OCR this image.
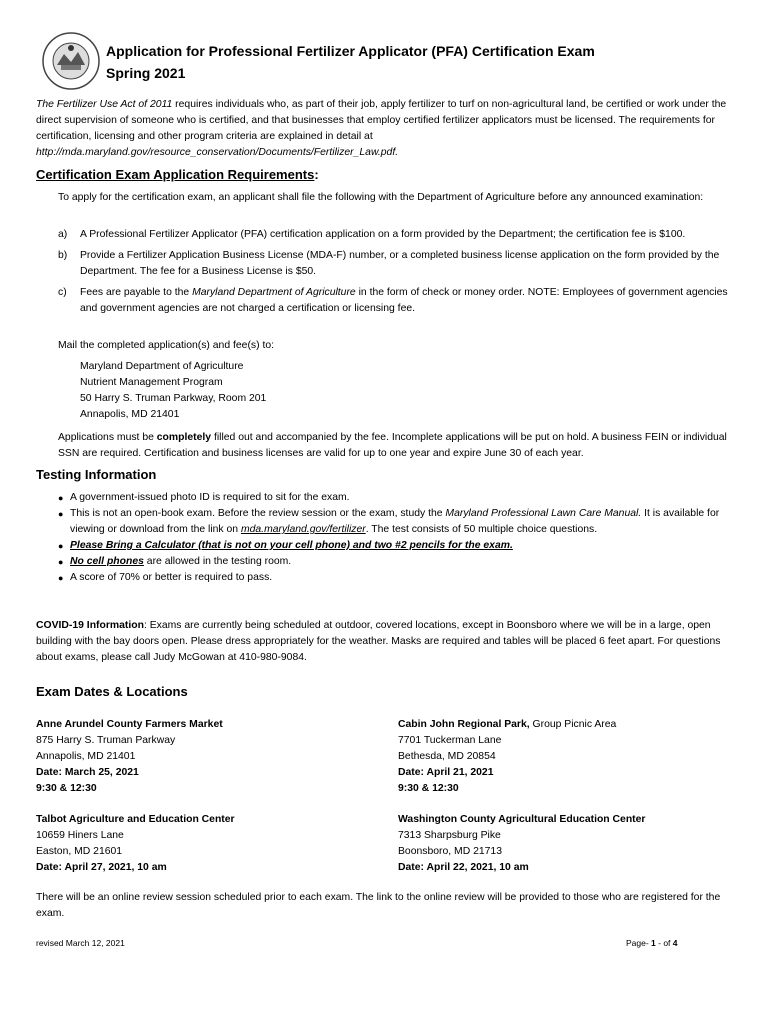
Application for Professional Fertilizer Applicator (PFA) Certification Exam
Spring 2021
The Fertilizer Use Act of 2011 requires individuals who, as part of their job, apply fertilizer to turf on non-agricultural land, be certified or work under the direct supervision of someone who is certified, and that businesses that employ certified fertilizer applicators must be licensed. The requirements for certification, licensing and other program criteria are explained in detail at http://mda.maryland.gov/resource_conservation/Documents/Fertilizer_Law.pdf.
Certification Exam Application Requirements:
To apply for the certification exam, an applicant shall file the following with the Department of Agriculture before any announced examination:
a)	A Professional Fertilizer Applicator (PFA) certification application on a form provided by the Department; the certification fee is $100.
b)	Provide a Fertilizer Application Business License (MDA-F) number, or a completed business license application on the form provided by the Department. The fee for a Business License is $50.
c)	Fees are payable to the Maryland Department of Agriculture in the form of check or money order. NOTE: Employees of government agencies and government agencies are not charged a certification or licensing fee.
Mail the completed application(s) and fee(s) to:
Maryland Department of Agriculture
Nutrient Management Program
50 Harry S. Truman Parkway, Room 201
Annapolis, MD 21401
Applications must be completely filled out and accompanied by the fee. Incomplete applications will be put on hold. A business FEIN or individual SSN are required. Certification and business licenses are valid for up to one year and expire June 30 of each year.
Testing Information
● A government-issued photo ID is required to sit for the exam.
● This is not an open-book exam. Before the review session or the exam, study the Maryland Professional Lawn Care Manual. It is available for viewing or download from the link on mda.maryland.gov/fertilizer. The test consists of 50 multiple choice questions.
● Please Bring a Calculator (that is not on your cell phone) and two #2 pencils for the exam.
● No cell phones are allowed in the testing room.
● A score of 70% or better is required to pass.
COVID-19 Information: Exams are currently being scheduled at outdoor, covered locations, except in Boonsboro where we will be in a large, open building with the bay doors open. Please dress appropriately for the weather. Masks are required and tables will be placed 6 feet apart. For questions about exams, please call Judy McGowan at 410-980-9084.
Exam Dates & Locations
Anne Arundel County Farmers Market
875 Harry S. Truman Parkway
Annapolis, MD 21401
Date: March 25, 2021
9:30 & 12:30
Cabin John Regional Park, Group Picnic Area
7701 Tuckerman Lane
Bethesda, MD 20854
Date: April 21, 2021
9:30 & 12:30
Talbot Agriculture and Education Center
10659 Hiners Lane
Easton, MD 21601
Date: April 27, 2021, 10 am
Washington County Agricultural Education Center
7313 Sharpsburg Pike
Boonsboro, MD 21713
Date: April 22, 2021, 10 am
There will be an online review session scheduled prior to each exam. The link to the online review will be provided to those who are registered for the exam.
revised March 12, 2021	Page- 1 - of 4
